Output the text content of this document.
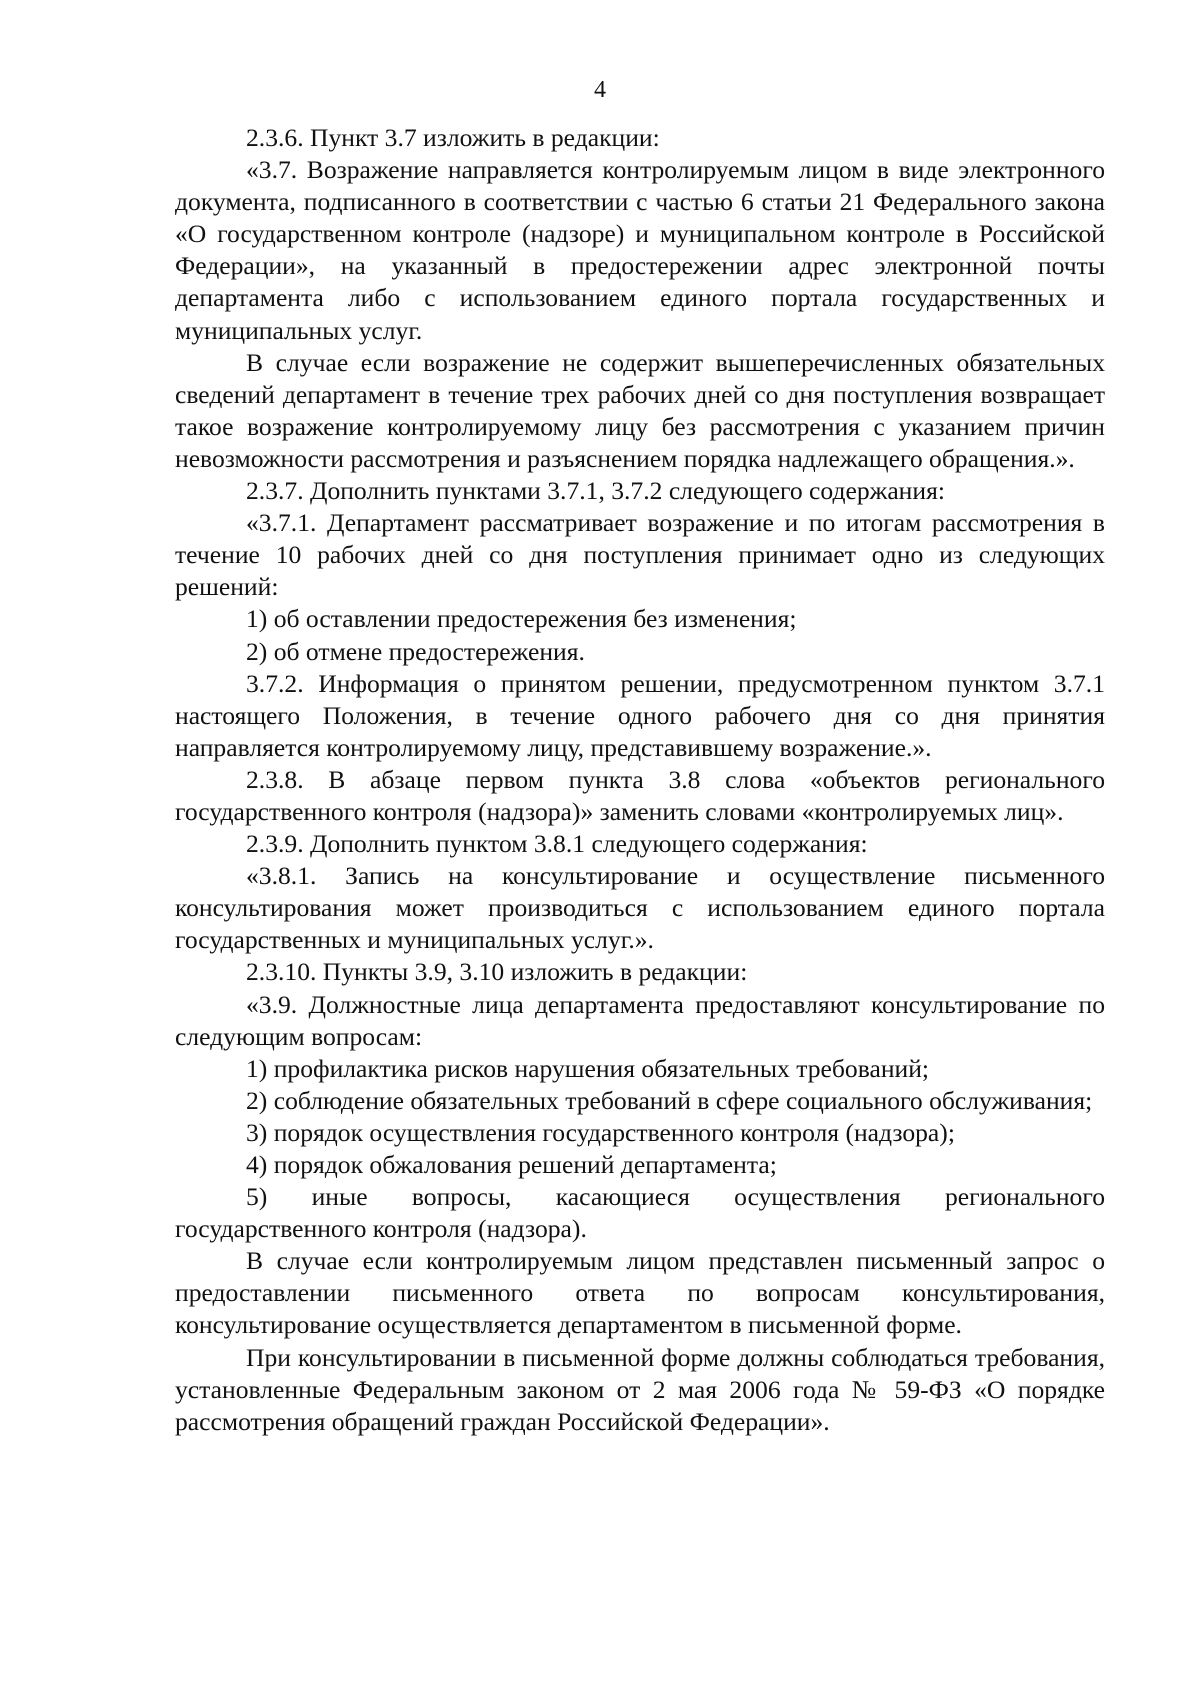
4

2.3.6. Пункт 3.7 изложить в редакции:

«3.7. Возражение направляется контролируемым лицом в виде электронного документа, подписанного в соответствии с частью 6 статьи 21 Федерального закона «О государственном контроле (надзоре) и муниципальном контроле в Российской Федерации», на указанный в предостережении адрес электронной почты департамента либо с использованием единого портала государственных и муниципальных услуг.

В случае если возражение не содержит вышеперечисленных обязательных сведений департамент в течение трех рабочих дней со дня поступления возвращает такое возражение контролируемому лицу без рассмотрения с указанием причин невозможности рассмотрения и разъяснением порядка надлежащего обращения.».

2.3.7. Дополнить пунктами 3.7.1, 3.7.2 следующего содержания:

«3.7.1. Департамент рассматривает возражение и по итогам рассмотрения в течение 10 рабочих дней со дня поступления принимает одно из следующих решений:

1) об оставлении предостережения без изменения;

2) об отмене предостережения.

3.7.2. Информация о принятом решении, предусмотренном пунктом 3.7.1 настоящего Положения, в течение одного рабочего дня со дня принятия направляется контролируемому лицу, представившему возражение.».

2.3.8. В абзаце первом пункта 3.8 слова «объектов регионального государственного контроля (надзора)» заменить словами «контролируемых лиц».

2.3.9. Дополнить пунктом 3.8.1 следующего содержания:

«3.8.1. Запись на консультирование и осуществление письменного консультирования может производиться с использованием единого портала государственных и муниципальных услуг.».

2.3.10. Пункты 3.9, 3.10 изложить в редакции:

«3.9. Должностные лица департамента предоставляют консультирование по следующим вопросам:

1) профилактика рисков нарушения обязательных требований;

2) соблюдение обязательных требований в сфере социального обслуживания;

3) порядок осуществления государственного контроля (надзора);

4) порядок обжалования решений департамента;

5) иные вопросы, касающиеся осуществления регионального государственного контроля (надзора).

В случае если контролируемым лицом представлен письменный запрос о предоставлении письменного ответа по вопросам консультирования, консультирование осуществляется департаментом в письменной форме.

При консультировании в письменной форме должны соблюдаться требования, установленные Федеральным законом от 2 мая 2006 года № 59-ФЗ «О порядке рассмотрения обращений граждан Российской Федерации».
